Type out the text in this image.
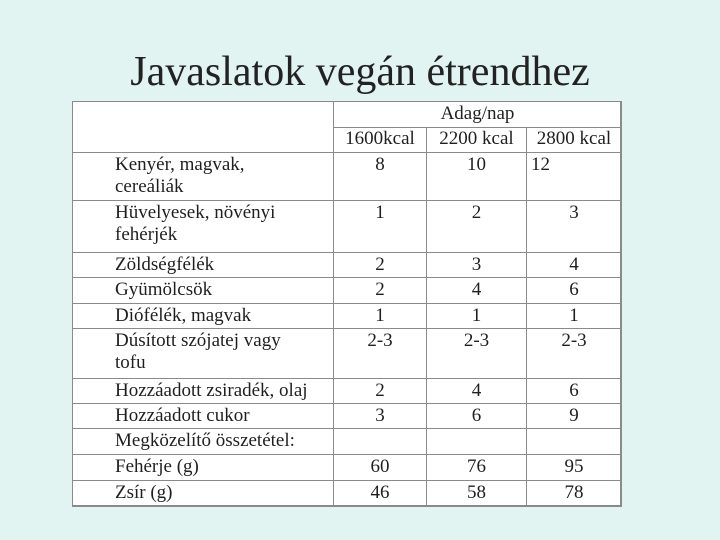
Javaslatok vegán étrendhez
	Adag/nap		
	1600kcal	2200 kcal	2800 kcal

Kenyér, magvak,
cereáliák	8	10	12

Hüvelyesek, növényi
fehérjék	1	2	3
Zöldségfélék	2	3	4
Gyümölcsök	2	4	6
Diófélék, magvak	1	1	1

Dúsított szójatej vagy
tofu	2-3	2-3	2-3
Hozzáadott zsiradék, olaj	2	4	6
Hozzáadott cukor	3	6	9
Megközelítő összetétel:			
Fehérje (g)	60	76	95
Zsír (g)	46	58	78
